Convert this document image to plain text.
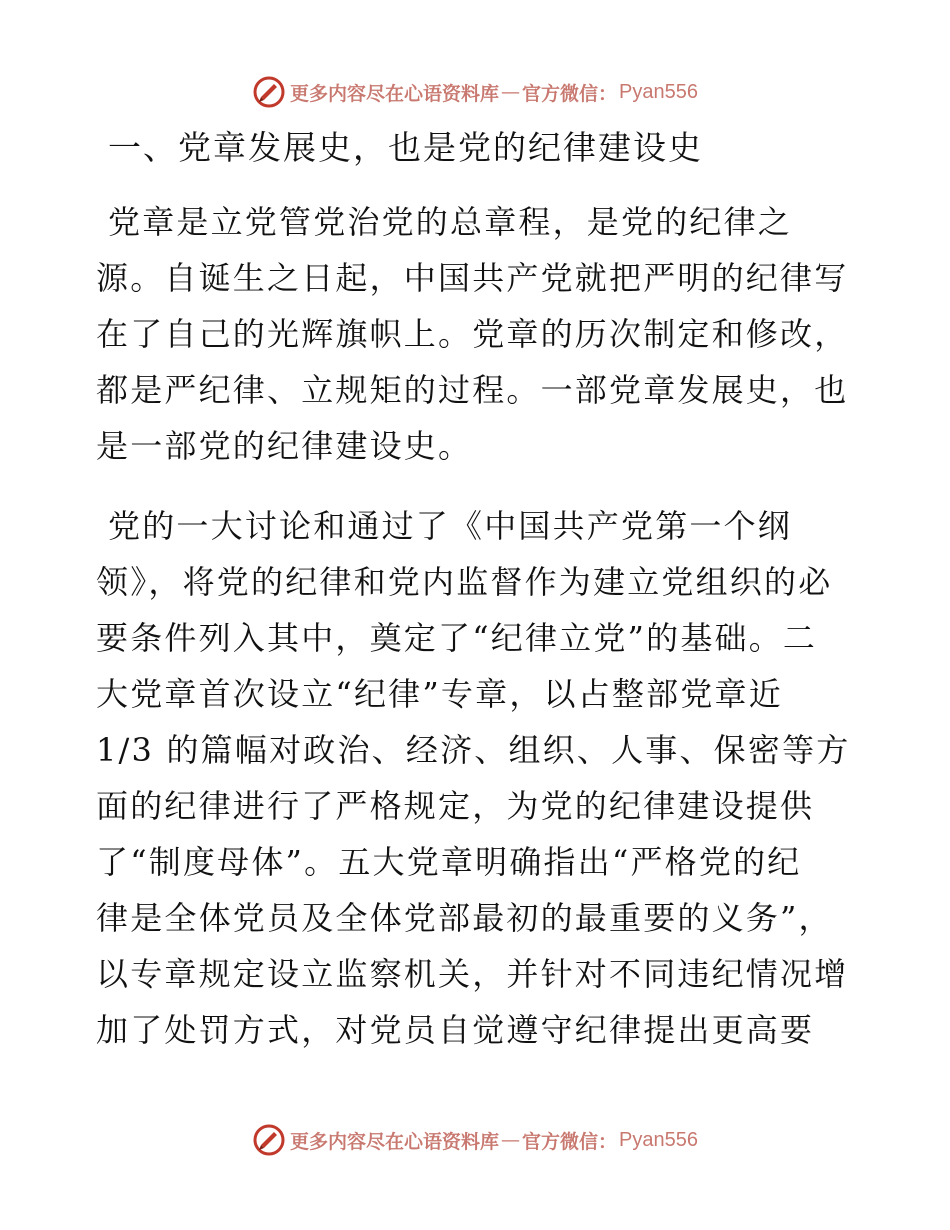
更多内容尽在心语资料库 — 官方微信： Pyan556
一、党章发展史，也是党的纪律建设史

党章是立党管党治党的总章程，是党的纪律之
源。自诞生之日起，中国共产党就把严明的纪律写
在了自己的光辉旗帜上。党章的历次制定和修改，
都是严纪律、立规矩的过程。一部党章发展史，也
是一部党的纪律建设史。

党的一大讨论和通过了《中国共产党第一个纲
领》，将党的纪律和党内监督作为建立党组织的必
要条件列入其中，奠定了“纪律立党”的基础。二
大党章首次设立“纪律”专章，以占整部党章近
1/3 的篇幅对政治、经济、组织、人事、保密等方
面的纪律进行了严格规定，为党的纪律建设提供
了“制度母体”。五大党章明确指出“严格党的纪
律是全体党员及全体党部最初的最重要的义务”，
以专章规定设立监察机关，并针对不同违纪情况增
加了处罚方式，对党员自觉遵守纪律提出更高要

更多内容尽在心语资料库 — 官方微信： Pyan556
